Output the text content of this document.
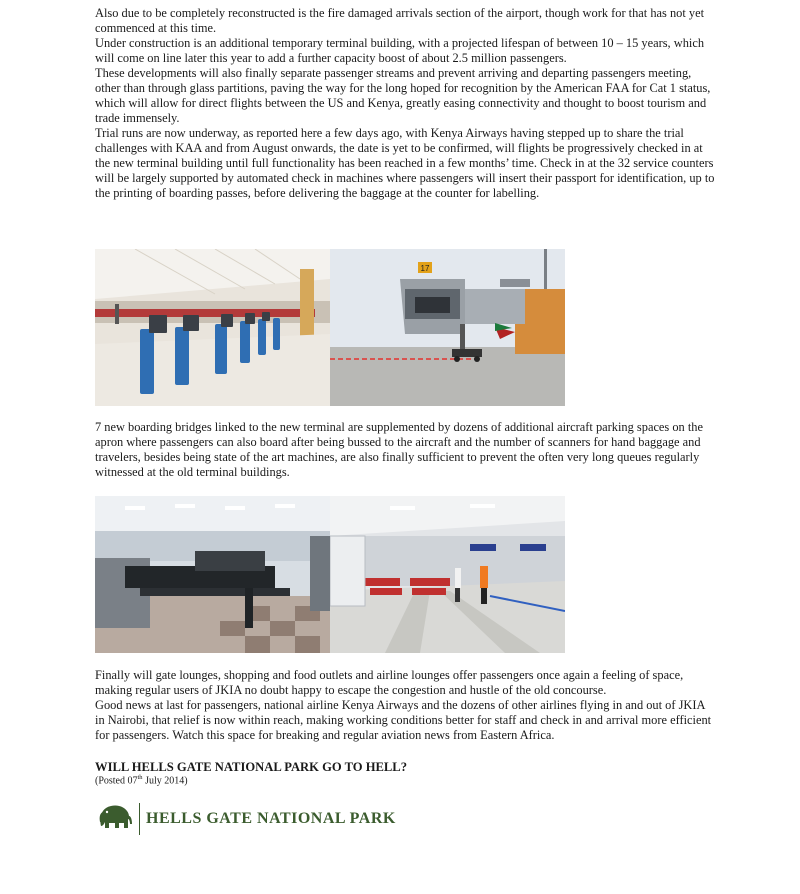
Also due to be completely reconstructed is the fire damaged arrivals section of the airport, though work for that has not yet commenced at this time.

Under construction is an additional temporary terminal building, with a projected lifespan of between 10 – 15 years, which will come on line later this year to add a further capacity boost of about 2.5 million passengers.

These developments will also finally separate passenger streams and prevent arriving and departing passengers meeting, other than through glass partitions, paving the way for the long hoped for recognition by the American FAA for Cat 1 status, which will allow for direct flights between the US and Kenya, greatly easing connectivity and thought to boost tourism and trade immensely.

Trial runs are now underway, as reported here a few days ago, with Kenya Airways having stepped up to share the trial challenges with KAA and from August onwards, the date is yet to be confirmed, will flights be progressively checked in at the new terminal building until full functionality has been reached in a few months’ time. Check in at the 32 service counters will be largely supported by automated check in machines where passengers will insert their passport for identification, up to the printing of boarding passes, before delivering the baggage at the counter for labelling.

17

7 new boarding bridges linked to the new terminal are supplemented by dozens of additional aircraft parking spaces on the apron where passengers can also board after being bussed to the aircraft and the number of scanners for hand baggage and travelers, besides being state of the art machines, are also finally sufficient to prevent the often very long queues regularly witnessed at the old terminal buildings.

Finally will gate lounges, shopping and food outlets and airline lounges offer passengers once again a feeling of space, making regular users of JKIA no doubt happy to escape the congestion and hustle of the old concourse.

Good news at last for passengers, national airline Kenya Airways and the dozens of other airlines flying in and out of JKIA in Nairobi, that relief is now within reach, making working conditions better for staff and check in and arrival more efficient for passengers. Watch this space for breaking and regular aviation news from Eastern Africa.

WILL HELLS GATE NATIONAL PARK GO TO HELL?

(Posted 07th July 2014)

HELLS GATE NATIONAL PARK
